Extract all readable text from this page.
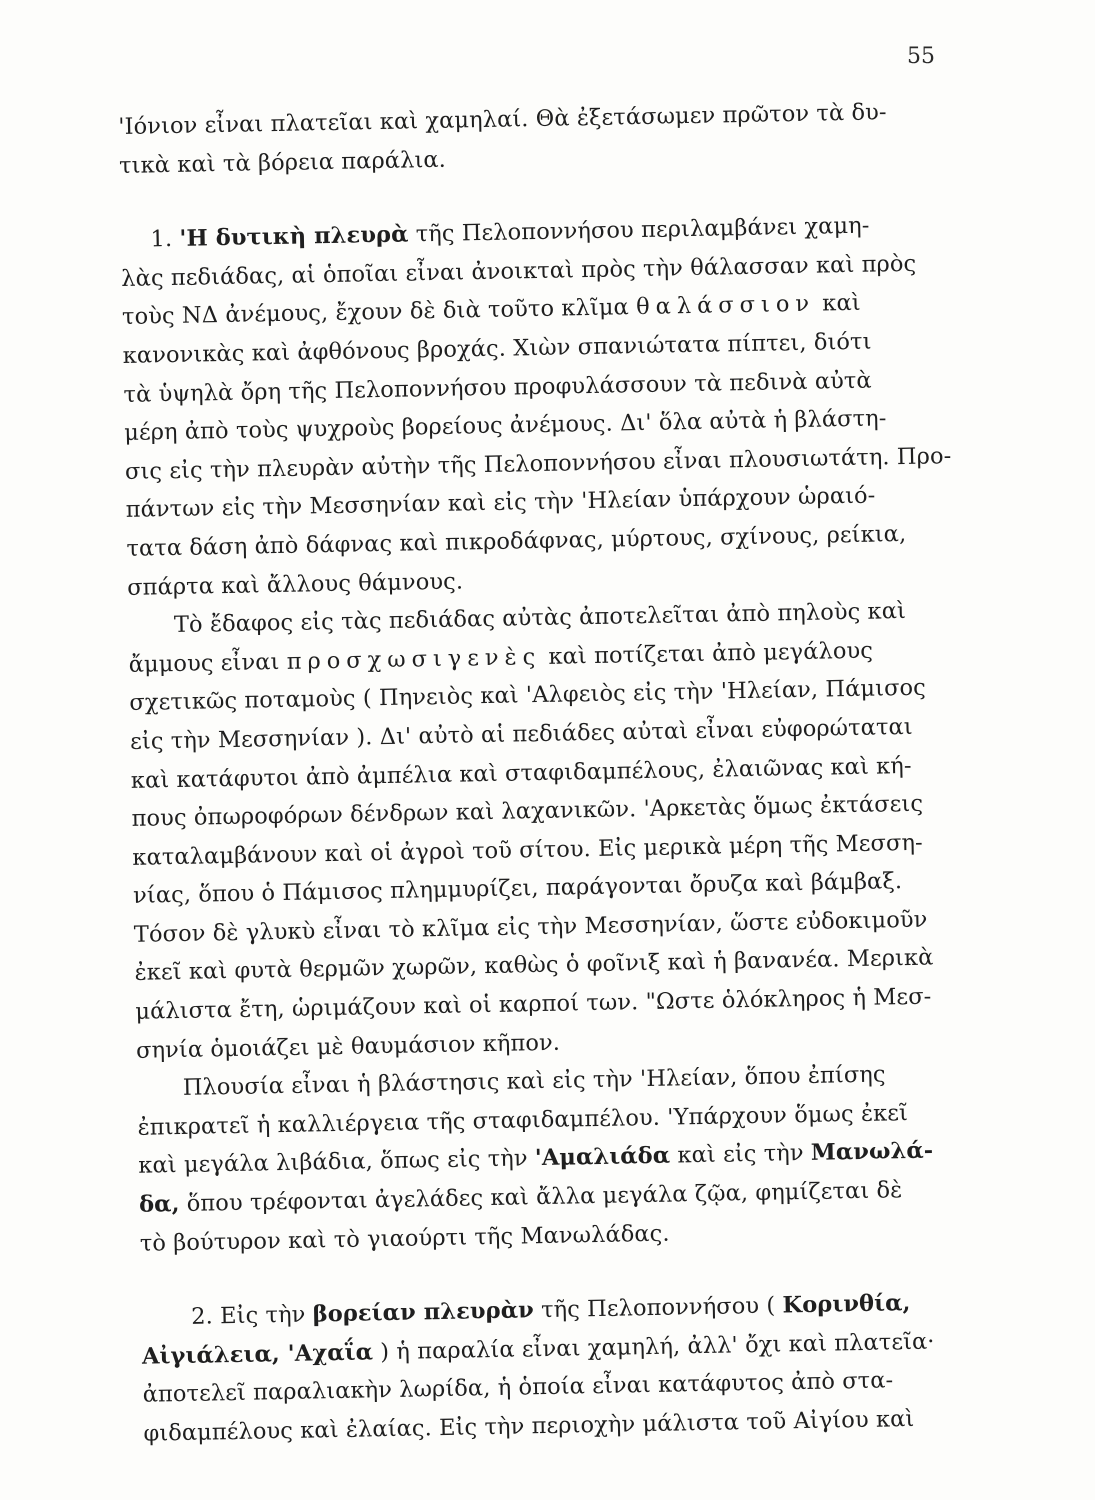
55
'Ιόνιον εἶναι πλατεῖαι καὶ χαμηλαί. Θὰ ἐξετάσωμεν πρῶτον τὰ δυ-
τικὰ καὶ τὰ βόρεια παράλια.
1. 'Η δυτικὴ πλευρὰ τῆς Πελοποννήσου περιλαμβάνει χαμη-
λὰς πεδιάδας, αἱ ὁποῖαι εἶναι ἀνοικταὶ πρὸς τὴν θάλασσαν καὶ πρὸς
τοὺς ΝΔ ἀνέμους, ἔχουν δὲ διὰ τοῦτο κλῖμα θαλάσσιον καὶ
κανονικὰς καὶ ἀφθόνους βροχάς. Χιὼν σπανιώτατα πίπτει, διότι
τὰ ὑψηλὰ ὄρη τῆς Πελοποννήσου προφυλάσσουν τὰ πεδινὰ αὐτὰ
μέρη ἀπὸ τοὺς ψυχροὺς βορείους ἀνέμους. Δι' ὅλα αὐτὰ ἡ βλάστη-
σις εἰς τὴν πλευρὰν αὐτὴν τῆς Πελοποννήσου εἶναι πλουσιωτάτη. Προ-
πάντων εἰς τὴν Μεσσηνίαν καὶ εἰς τὴν 'Ηλείαν ὑπάρχουν ὡραιό-
τατα δάση ἀπὸ δάφνας καὶ πικροδάφνας, μύρτους, σχίνους, ρείκια,
σπάρτα καὶ ἄλλους θάμνους.
Τὸ ἔδαφος εἰς τὰς πεδιάδας αὐτὰς ἀποτελεῖται ἀπὸ πηλοὺς καὶ
ἄμμους εἶναι προσχωσιγενὲς καὶ ποτίζεται ἀπὸ μεγάλους
σχετικῶς ποταμοὺς ( Πηνειὸς καὶ 'Αλφειὸς εἰς τὴν 'Ηλείαν, Πάμισος
εἰς τὴν Μεσσηνίαν ). Δι' αὐτὸ αἱ πεδιάδες αὐταὶ εἶναι εὐφορώταται
καὶ κατάφυτοι ἀπὸ ἀμπέλια καὶ σταφιδαμπέλους, ἐλαιῶνας καὶ κή-
πους ὀπωροφόρων δένδρων καὶ λαχανικῶν. 'Αρκετὰς ὅμως ἐκτάσεις
καταλαμβάνουν καὶ οἱ ἀγροὶ τοῦ σίτου. Εἰς μερικὰ μέρη τῆς Μεσση-
νίας, ὅπου ὁ Πάμισος πλημμυρίζει, παράγονται ὄρυζα καὶ βάμβαξ.
Τόσον δὲ γλυκὺ εἶναι τὸ κλῖμα εἰς τὴν Μεσσηνίαν, ὥστε εὐδοκιμοῦν
ἐκεῖ καὶ φυτὰ θερμῶν χωρῶν, καθὼς ὁ φοῖνιξ καὶ ἡ βανανέα. Μερικὰ
μάλιστα ἔτη, ὡριμάζουν καὶ οἱ καρποί των. "Ωστε ὁλόκληρος ἡ Μεσ-
σηνία ὁμοιάζει μὲ θαυμάσιον κῆπον.
Πλουσία εἶναι ἡ βλάστησις καὶ εἰς τὴν 'Ηλείαν, ὅπου ἐπίσης
ἐπικρατεῖ ἡ καλλιέργεια τῆς σταφιδαμπέλου. 'Υπάρχουν ὅμως ἐκεῖ
καὶ μεγάλα λιβάδια, ὅπως εἰς τὴν 'Αμαλιάδα καὶ εἰς τὴν Μανωλά-
δα, ὅπου τρέφονται ἀγελάδες καὶ ἄλλα μεγάλα ζῷα, φημίζεται δὲ
τὸ βούτυρον καὶ τὸ γιαούρτι τῆς Μανωλάδας.
2. Εἰς τὴν βορείαν πλευρὰν τῆς Πελοποννήσου ( Κορινθία,
Αἰγιάλεια, 'Αχαΐα ) ἡ παραλία εἶναι χαμηλή, ἀλλ' ὄχι καὶ πλατεῖα·
ἀποτελεῖ παραλιακὴν λωρίδα, ἡ ὁποία εἶναι κατάφυτος ἀπὸ στα-
φιδαμπέλους καὶ ἐλαίας. Εἰς τὴν περιοχὴν μάλιστα τοῦ Αἰγίου καὶ
